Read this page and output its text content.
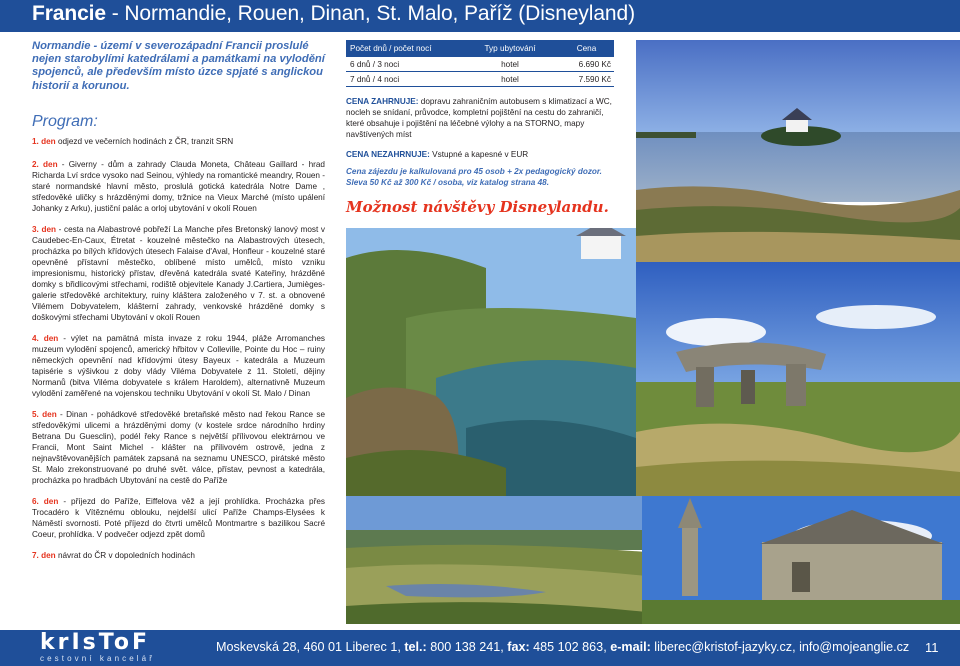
Francie - Normandie, Rouen, Dinan, St. Malo, Paříž (Disneyland)
Normandie - území v severozápadní Francii proslulé nejen starobylími katedrálami a památkami na vylodění spojenců, ale především místo úzce spjaté s anglickou historií a korunou.
Program:
1. den odjezd ve večerních hodinách z ČR, tranzit SRN
2. den - Giverny - dům a zahrady Clauda Moneta, Château Gaillard - hrad Richarda Lví srdce vysoko nad Seinou, výhledy na romantické meandry, Rouen - staré normandské hlavní město, proslulá gotická katedrála Notre Dame , středověké uličky s hrázděnými domy, tržnice na Vieux Marché (místo upálení Johanky z Arku), justiční palác a orloj ubytování v okolí Rouen
3. den - cesta na Alabastrové pobřeží La Manche přes Bretonský lanový most v Caudebec-En-Caux, Étretat - kouzelné městečko na Alabastrových útesech, procházka po bílých křídových útesech Falaise d'Aval, Honfleur - kouzelné staré opevněné přístavní městečko, oblíbené místo umělců, místo vzniku impresionismu, historický přístav, dřevěná katedrála svaté Kateřiny, hrázděné domky s břidlicovými střechami, rodiště objevitele Kanady J.Cartiera, Jumièges- galerie středověké architektury, ruiny kláštera založeného v 7. st. a obnovené Vilémem Dobyvatelem, klášterní zahrady, venkovské hrázděné domky s doškovými střechami Ubytování v okolí Rouen
4. den - výlet na pamätná místa invaze z roku 1944, pláže Arromanches muzeum vylodění spojenců, americký hřbitov v Colleville, Pointe du Hoc – ruiny německých opevnění nad křídovými útesy Bayeux - katedrála a Muzeum tapisérie s výšivkou z doby vlády Viléma Dobyvatele z 11. Století, dějiny Normanů (bitva Viléma dobyvatele s králem Haroldem), alternativně Muzeum vylodění zaměřené na vojenskou techniku Ubytování v okolí St. Malo / Dinan
5. den - Dinan - pohádkové středověké bretaňské město nad řekou Rance se středověkými ulicemi a hrázděnými domy (v kostele srdce národního hrdiny Betrana Du Guesclin), podél řeky Rance s největší přílivovou elektrárnou ve Francii, Mont Saint Michel - klášter na přílivovém ostrově, jedna z nejnavštěvovanějších památek zapsaná na seznamu UNESCO, pirátské město St. Malo zrekonstruované po druhé svět. válce, přístav, pevnost a katedrála, procházka po hradbách Ubytování na cestě do Paříže
6. den - příjezd do Paříže, Eiffelova věž a její prohlídka. Procházka přes Trocadéro k Vítěznému oblouku, nejdelší ulicí Paříže Champs-Elysées k Náměstí svornosti. Poté příjezd do čtvrti umělců Montmartre s bazilikou Sacré Coeur, prohlídka. V podvečer odjezd zpět domů
7. den návrat do ČR v dopoledních hodinách
Počet dnů / počet nocí	Typ ubytování	Cena
6 dnů / 3 noci	hotel	6.690 Kč
7 dnů / 4 noci	hotel	7.590 Kč
CENA ZAHRNUJE: dopravu zahraničním autobusem s klimatizací a WC, nocleh se snídaní, průvodce, kompletní pojištění na cestu do zahraničí, které obsahuje i pojištění na léčebné výlohy a na STORNO, mapy navštívených míst
CENA NEZAHRNUJE: Vstupné a kapesné v EUR
Cena zájezdu je kalkulovaná pro 45 osob + 2x pedagogický dozor.
Sleva 50 Kč až 300 Kč / osoba, viz katalog strana 48.
Možnost návštěvy Disneylandu.
krIsToF
cestovní kancelář
Moskevská 28, 460 01 Liberec 1, tel.: 800 138 241, fax: 485 102 863, e-mail: liberec@kristof-jazyky.cz, info@mojeanglie.cz 11
